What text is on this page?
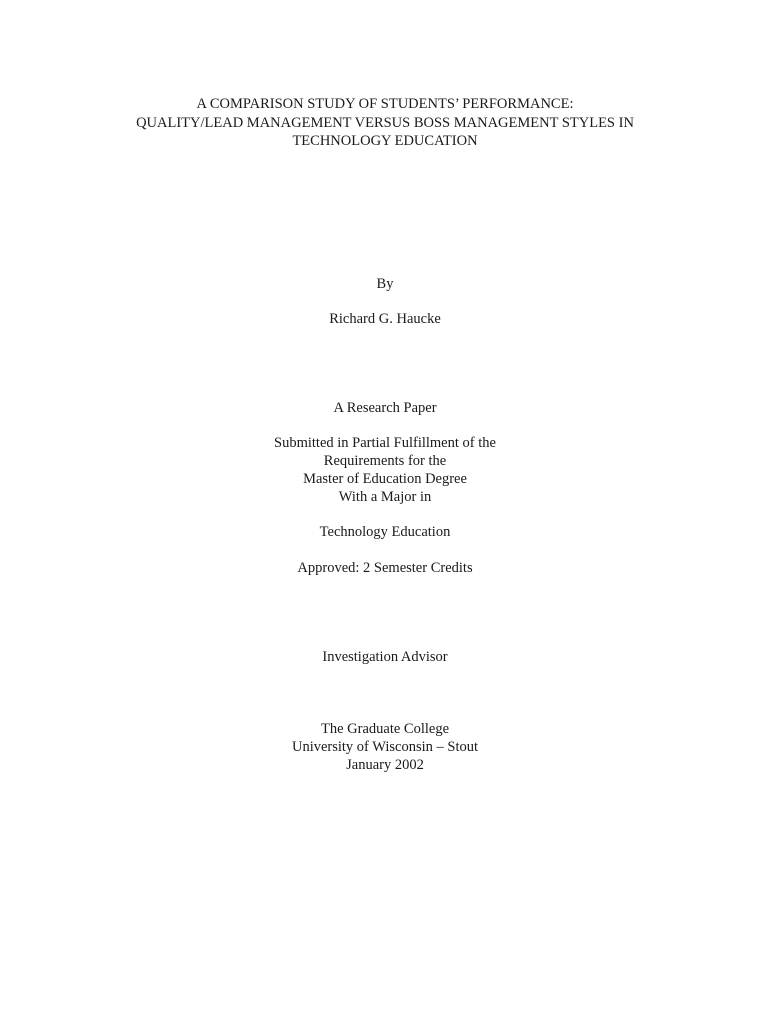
A COMPARISON STUDY OF STUDENTS’ PERFORMANCE:
QUALITY/LEAD MANAGEMENT VERSUS BOSS MANAGEMENT STYLES IN
TECHNOLOGY EDUCATION
By
Richard G. Haucke
A Research Paper
Submitted in Partial Fulfillment of the
Requirements for the
Master of Education Degree
With a Major in
Technology Education
Approved: 2 Semester Credits
Investigation Advisor
The Graduate College
University of Wisconsin – Stout
January 2002
